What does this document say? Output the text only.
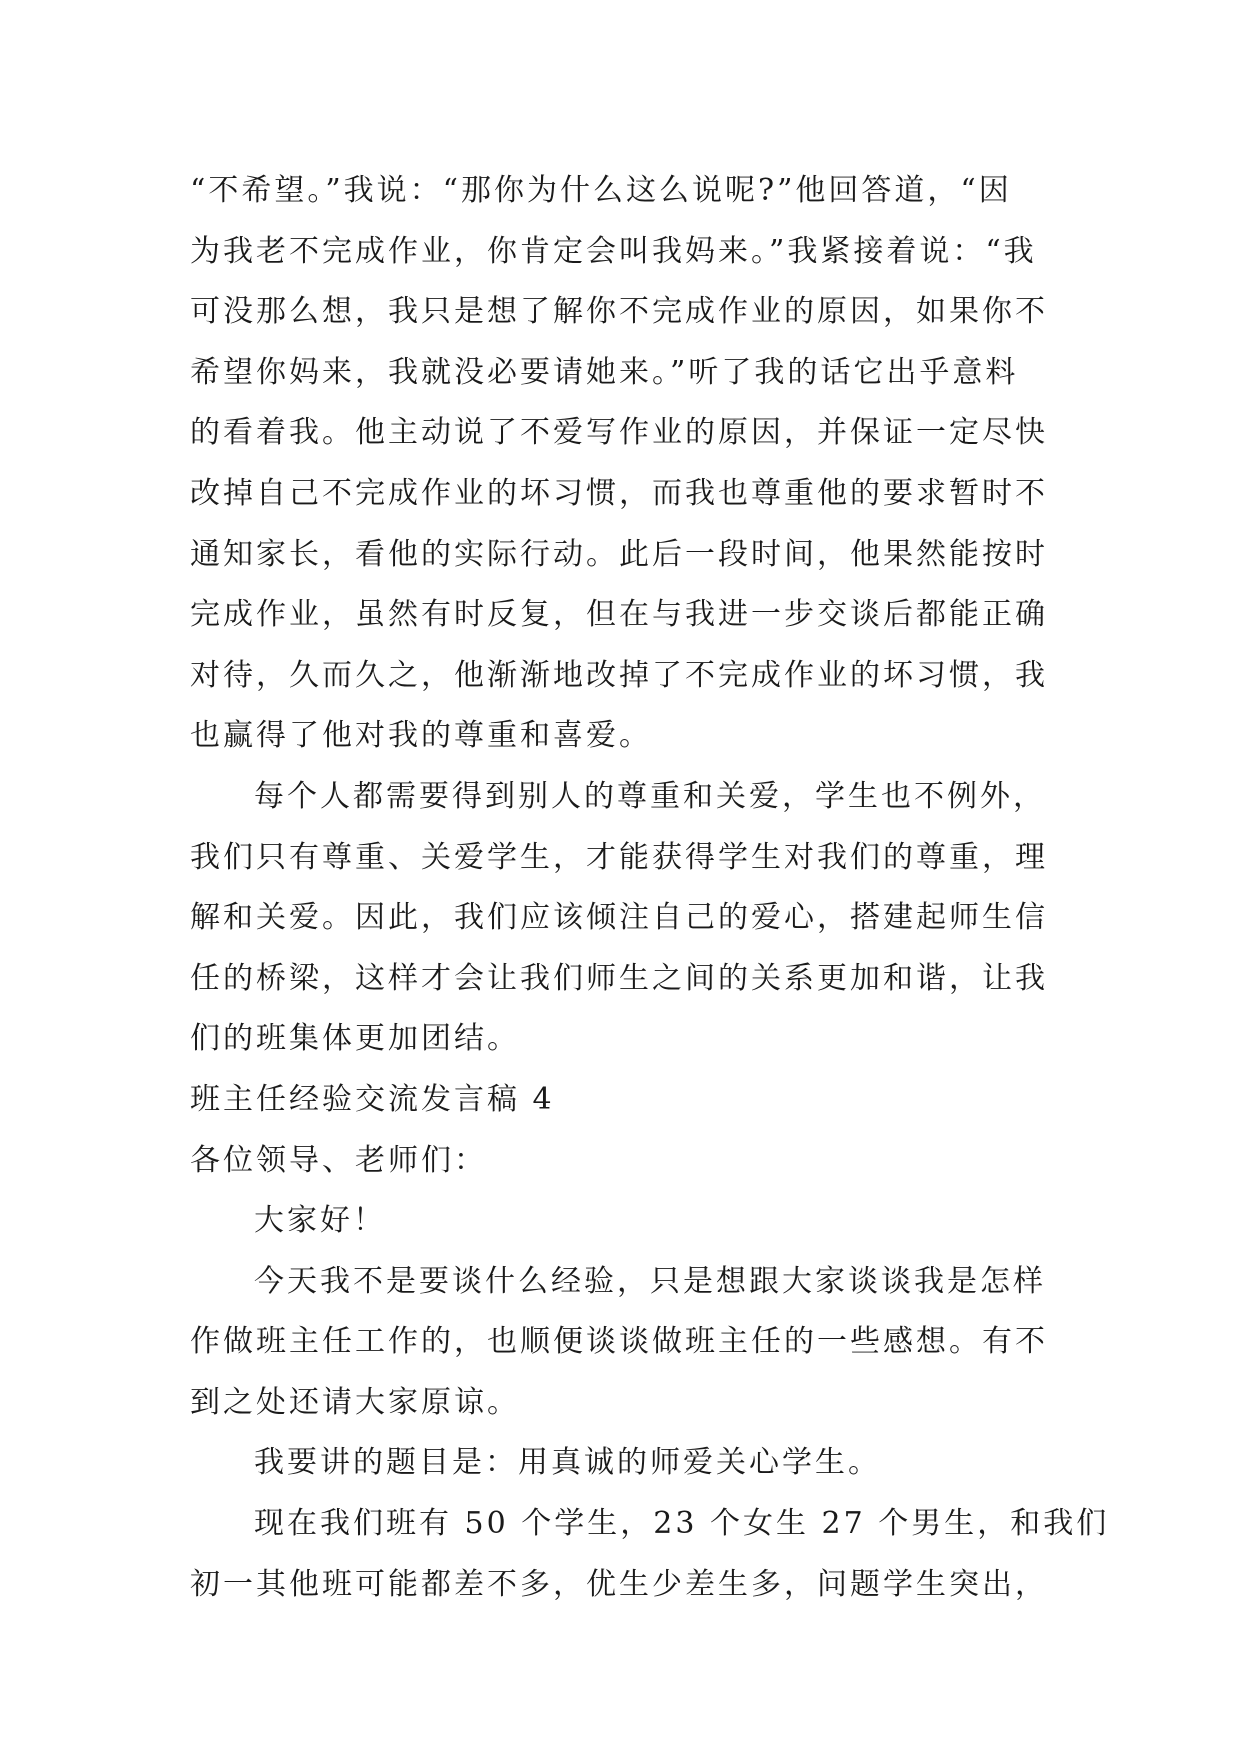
“不希望。”我说：“那你为什么这么说呢?”他回答道，“因
为我老不完成作业，你肯定会叫我妈来。”我紧接着说：“我
可没那么想，我只是想了解你不完成作业的原因，如果你不
希望你妈来，我就没必要请她来。”听了我的话它出乎意料
的看着我。他主动说了不爱写作业的原因，并保证一定尽快
改掉自己不完成作业的坏习惯，而我也尊重他的要求暂时不
通知家长，看他的实际行动。此后一段时间，他果然能按时
完成作业，虽然有时反复，但在与我进一步交谈后都能正确
对待，久而久之，他渐渐地改掉了不完成作业的坏习惯，我
也赢得了他对我的尊重和喜爱。
每个人都需要得到别人的尊重和关爱，学生也不例外，
我们只有尊重、关爱学生，才能获得学生对我们的尊重，理
解和关爱。因此，我们应该倾注自己的爱心，搭建起师生信
任的桥梁，这样才会让我们师生之间的关系更加和谐，让我
们的班集体更加团结。
班主任经验交流发言稿 4
各位领导、老师们：
大家好！
今天我不是要谈什么经验，只是想跟大家谈谈我是怎样
作做班主任工作的，也顺便谈谈做班主任的一些感想。有不
到之处还请大家原谅。
我要讲的题目是：用真诚的师爱关心学生。
现在我们班有 50 个学生，23 个女生 27 个男生，和我们
初一其他班可能都差不多，优生少差生多，问题学生突出，
